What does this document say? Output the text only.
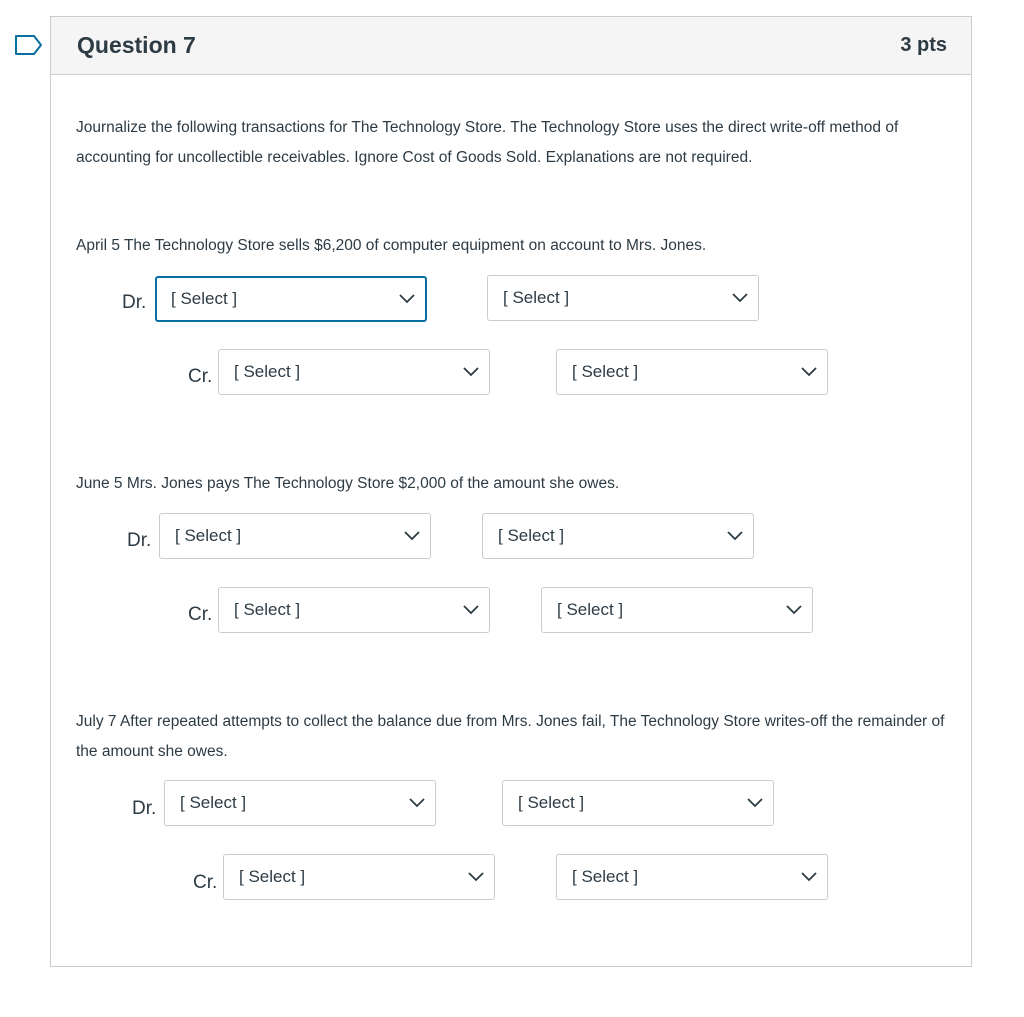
Question 7	3 pts
Journalize the following transactions for The Technology Store. The Technology Store uses the direct write-off method of accounting for uncollectible receivables. Ignore Cost of Goods Sold. Explanations are not required.
April 5 The Technology Store sells $6,200 of computer equipment on account to Mrs. Jones.
Dr. [ Select ]	[ Select ]
Cr. [ Select ]	[ Select ]
June 5 Mrs. Jones pays The Technology Store $2,000 of the amount she owes.
Dr. [ Select ]	[ Select ]
Cr. [ Select ]	[ Select ]
July 7 After repeated attempts to collect the balance due from Mrs. Jones fail, The Technology Store writes-off the remainder of the amount she owes.
Dr. [ Select ]	[ Select ]
Cr. [ Select ]	[ Select ]
